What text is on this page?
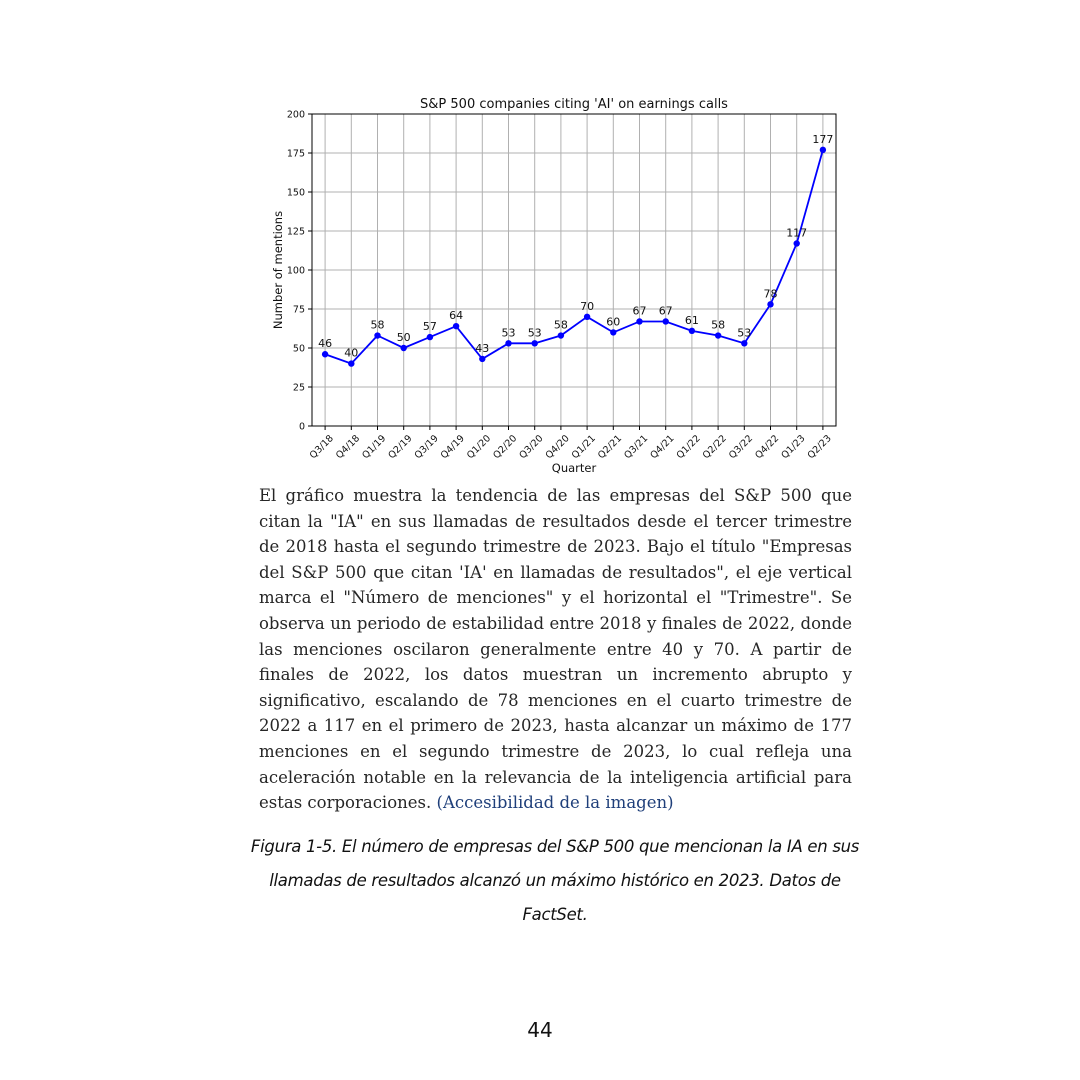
S&P 500 companies citing 'AI' on earnings calls
Number of mentions
Quarter
0
25
50
75
100
125
150
175
200
Q3/18
Q4/18
Q1/19
Q2/19
Q3/19
Q4/19
Q1/20
Q2/20
Q3/20
Q4/20
Q1/21
Q2/21
Q3/21
Q4/21
Q1/22
Q2/22
Q3/22
Q4/22
Q1/23
Q2/23
46
40
58
50
57
64
43
53 53
58
70
60
67 67
61 58
53
78
117
177
El gráfico muestra la tendencia de las empresas del S&P 500 que citan la "IA" en sus llamadas de resultados desde el tercer trimestre de 2018 hasta el segundo trimestre de 2023. Bajo el título "Empresas del S&P 500 que citan 'IA' en llamadas de resultados", el eje vertical marca el "Número de menciones" y el horizontal el "Trimestre". Se observa un periodo de estabilidad entre 2018 y finales de 2022, donde las menciones oscilaron generalmente entre 40 y 70. A partir de finales de 2022, los datos muestran un incremento abrupto y significativo, escalando de 78 menciones en el cuarto trimestre de 2022 a 117 en el primero de 2023, hasta alcanzar un máximo de 177 menciones en el segundo trimestre de 2023, lo cual refleja una aceleración notable en la relevancia de la inteligencia artificial para estas corporaciones. (Accesibilidad de la imagen)
Figura 1-5. El número de empresas del S&P 500 que mencionan la IA en sus llamadas de resultados alcanzó un máximo histórico en 2023. Datos de FactSet.
44
